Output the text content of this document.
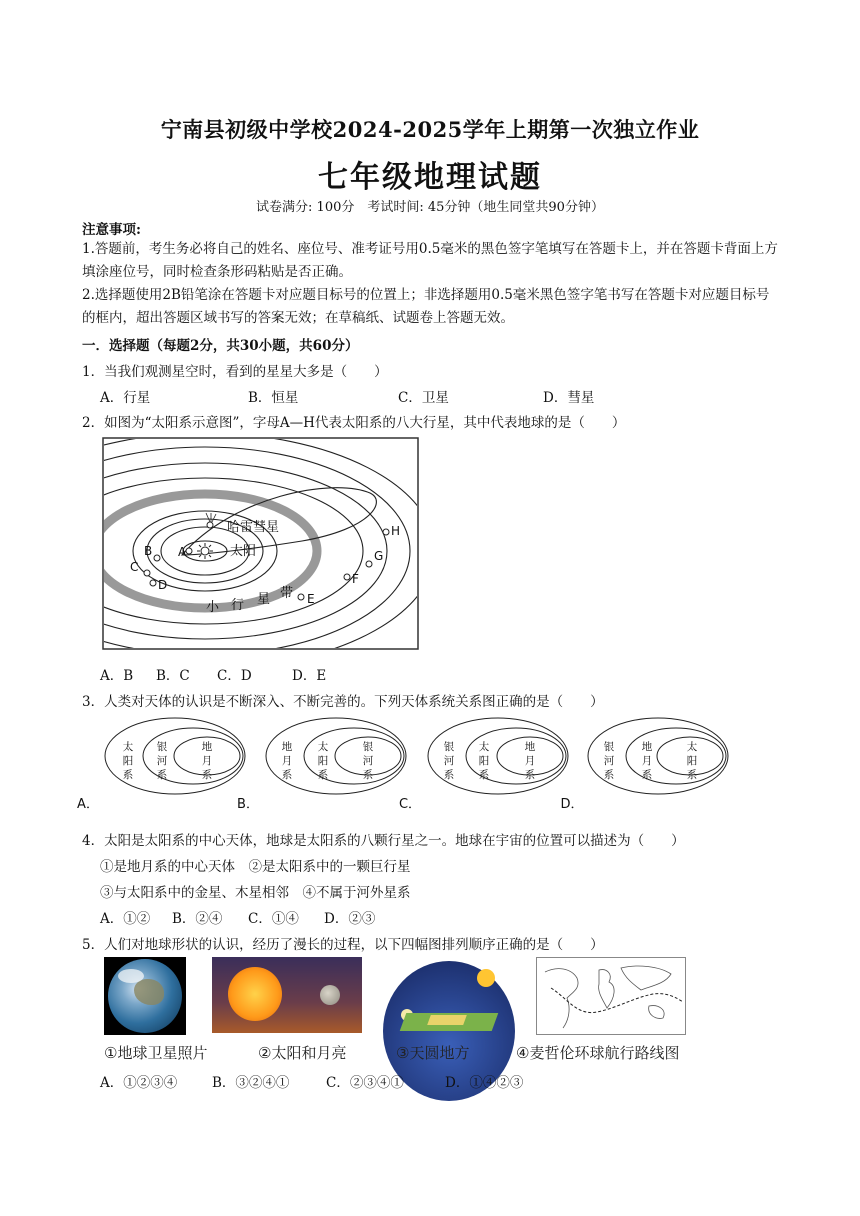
宁南县初级中学校2024-2025学年上期第一次独立作业
七年级地理试题
试卷满分: 100分　考试时间: 45分钟（地生同堂共90分钟）
注意事项:
1.答题前，考生务必将自己的姓名、座位号、准考证号用0.5毫米的黑色签字笔填写在答题卡上，并在答题卡背面上方填涂座位号，同时检查条形码粘贴是否正确。
2.选择题使用2B铅笔涂在答题卡对应题目标号的位置上；非选择题用0.5毫米黑色签字笔书写在答题卡对应题目标号的框内，超出答题区域书写的答案无效；在草稿纸、试题卷上答题无效。
一．选择题（每题2分，共30小题，共60分）
1．当我们观测星空时，看到的星星大多是（　　）
A．行星	B．恒星	C．卫星	D．彗星
2．如图为“太阳系示意图”，字母A—H代表太阳系的八大行星，其中代表地球的是（　　）
A
B
C
D
E
F
G
H
哈雷彗星
太阳
小 行 星 带
A．B B．C C．D	D．E
3．人类对天体的认识是不断深入、不断完善的。下列天体系统关系图正确的是（　　）
太
阳
系
银
河
系
地
月
系
A．
地
月
系
太
阳
系
银
河
系
B．
银
河
系
太
阳
系
地
月
系
C．
银
河
系
地
月
系
太
阳
系
D．
4．太阳是太阳系的中心天体，地球是太阳系的八颗行星之一。地球在宇宙的位置可以描述为（　　）
①是地月系的中心天体　②是太阳系中的一颗巨行星
③与太阳系中的金星、木星相邻　④不属于河外星系
A．①② B．②④ C．①④ D．②③
5．人们对地球形状的认识，经历了漫长的过程，以下四幅图排列顺序正确的是（　　）
①地球卫星照片	②太阳和月亮	③天圆地方	④麦哲伦环球航行路线图
A．①②③④	B．③②④①	C．②③④①	D．①④②③
